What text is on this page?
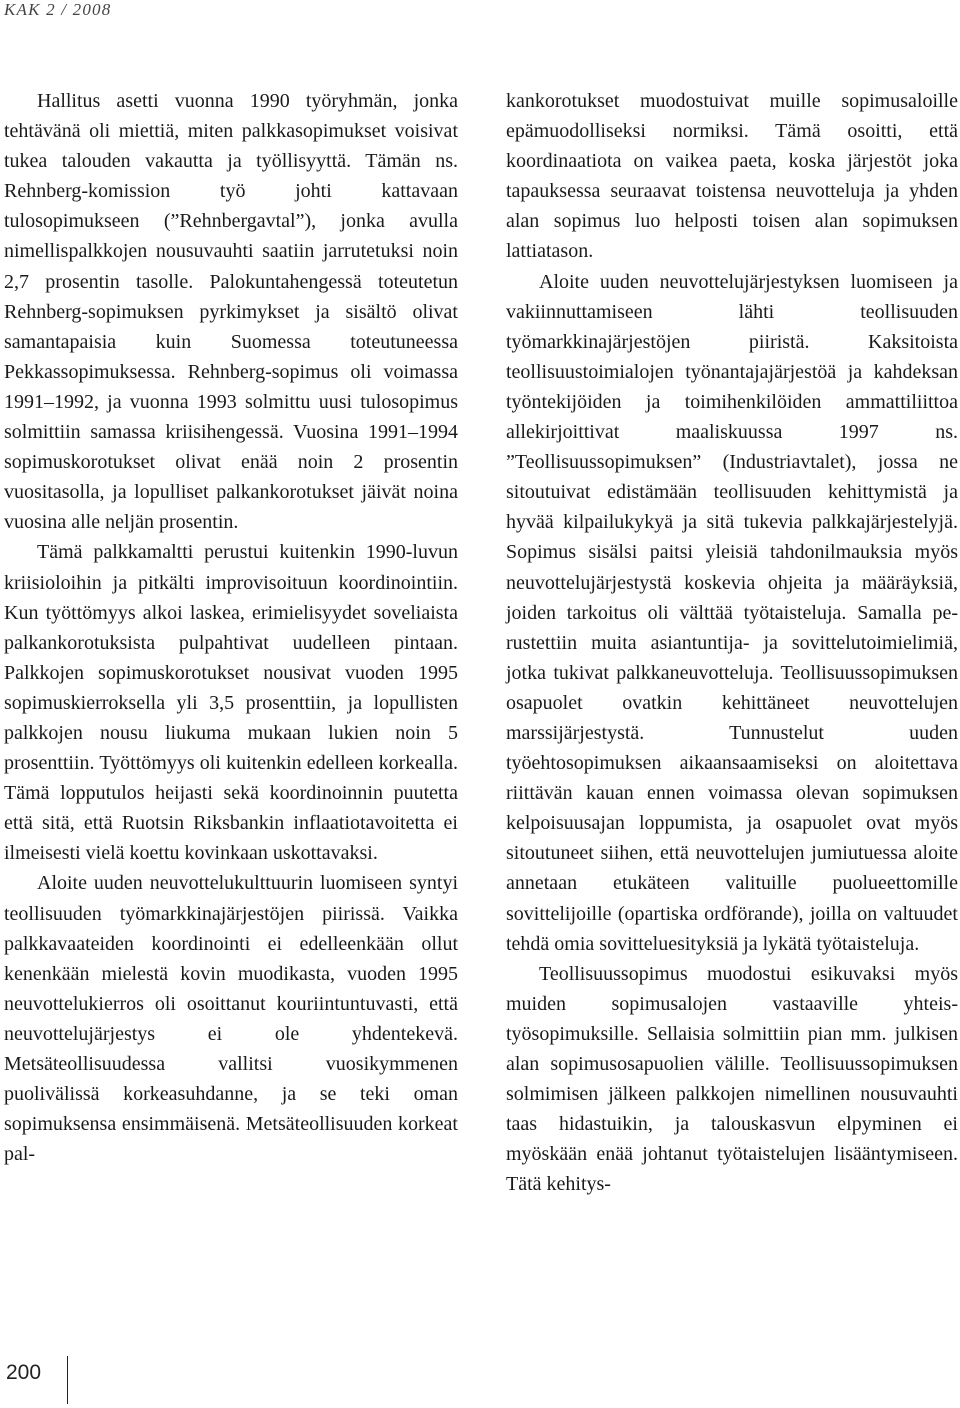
KAK 2 / 2008

Hallitus asetti vuonna 1990 työryhmän, jonka tehtävänä oli miettiä, miten palkkasopimukset voisivat tukea talouden vakautta ja työllisyyttä. Tämän ns. Rehnberg-komission työ johti kattavaan tulosopimukseen (”Rehnbergavtal”), jonka avulla nimellispalkkojen nousuvauhti saatiin jarrutetuksi noin 2,7 prosentin tasolle. Palokuntahengessä toteutetun Rehnberg-sopimuksen pyrkimykset ja sisältö olivat samantapaisia kuin Suomessa toteutuneessa Pekkassopimuksessa. Rehnberg-sopimus oli voimassa 1991–1992, ja vuonna 1993 solmittu uusi tulosopimus solmittiin samassa kriisihengessä. Vuosina 1991–1994 sopimuskorotukset olivat enää noin 2 prosentin vuositasolla, ja lopulliset palkankorotukset jäivät noina vuosina alle neljän prosentin.

Tämä palkkamaltti perustui kuitenkin 1990-luvun kriisioloihin ja pitkälti improvisoituun koordinointiin. Kun työttömyys alkoi laskea, erimielisyydet soveliaista palkankorotuksista pulpahtivat uudelleen pintaan. Palkkojen sopimuskorotukset nousivat vuoden 1995 sopimuskierroksella yli 3,5 prosenttiin, ja lopullisten palkkojen nousu liukuma mukaan lukien noin 5 prosenttiin. Työttömyys oli kuitenkin edelleen korkealla. Tämä lopputulos heijasti sekä koordinoinnin puutetta että sitä, että Ruotsin Riksbankin inflaatiotavoitetta ei ilmeisesti vielä koettu kovinkaan uskottavaksi.

Aloite uuden neuvottelukulttuurin luomiseen syntyi teollisuuden työmarkkinajärjestöjen piirissä. Vaikka palkkavaateiden koordinointi ei edelleenkään ollut kenenkään mielestä kovin muodikasta, vuoden 1995 neuvottelukierros oli osoittanut kouriintuntuvasti, että neuvottelujärjestys ei ole yhdentekevä. Metsäteollisuudessa vallitsi vuosikymmenen puolivälissä korkeasuhdanne, ja se teki oman sopimuksensa ensimmäisenä. Metsäteollisuuden korkeat pal-

kankorotukset muodostuivat muille sopimusaloille epämuodolliseksi normiksi. Tämä osoitti, että koordinaatiota on vaikea paeta, koska järjestöt joka tapauksessa seuraavat toistensa neuvotteluja ja yhden alan sopimus luo helposti toisen alan sopimuksen lattiatason.

Aloite uuden neuvottelujärjestyksen luomiseen ja vakiinnuttamiseen lähti teollisuuden työmarkkinajärjestöjen piiristä. Kaksitoista teollisuustoimialojen työnantajajärjestöä ja kahdeksan työntekijöiden ja toimihenkilöiden ammattiliittoa allekirjoittivat maaliskuussa 1997 ns. ”Teollisuussopimuksen” (Industriavtalet), jossa ne sitoutuivat edistämään teollisuuden kehittymistä ja hyvää kilpailukykyä ja sitä tukevia palkkajärjestelyjä. Sopimus sisälsi paitsi yleisiä tahdonilmauksia myös neuvottelujärjestystä koskevia ohjeita ja määräyksiä, joiden tarkoitus oli välttää työtaisteluja. Samalla perustettiin muita asiantuntija- ja sovittelutoimielimiä, jotka tukivat palkkaneuvotteluja. Teollisuussopimuksen osapuolet ovatkin kehittäneet neuvottelujen marssijärjestystä. Tunnustelut uuden työehtosopimuksen aikaansaamiseksi on aloitettava riittävän kauan ennen voimassa olevan sopimuksen kelpoisuusajan loppumista, ja osapuolet ovat myös sitoutuneet siihen, että neuvottelujen jumiutuessa aloite annetaan etukäteen valituille puolueettomille sovittelijoille (opartiska ordförande), joilla on valtuudet tehdä omia sovitteluesityksiä ja lykätä työtaisteluja.

Teollisuussopimus muodostui esikuvaksi myös muiden sopimusalojen vastaaville yhteistyösopimuksille. Sellaisia solmittiin pian mm. julkisen alan sopimusosapuolien välille. Teollisuussopimuksen solmimisen jälkeen palkkojen nimellinen nousuvauhti taas hidastuikin, ja talouskasvun elpyminen ei myöskään enää johtanut työtaistelujen lisääntymiseen. Tätä kehitys-

200
